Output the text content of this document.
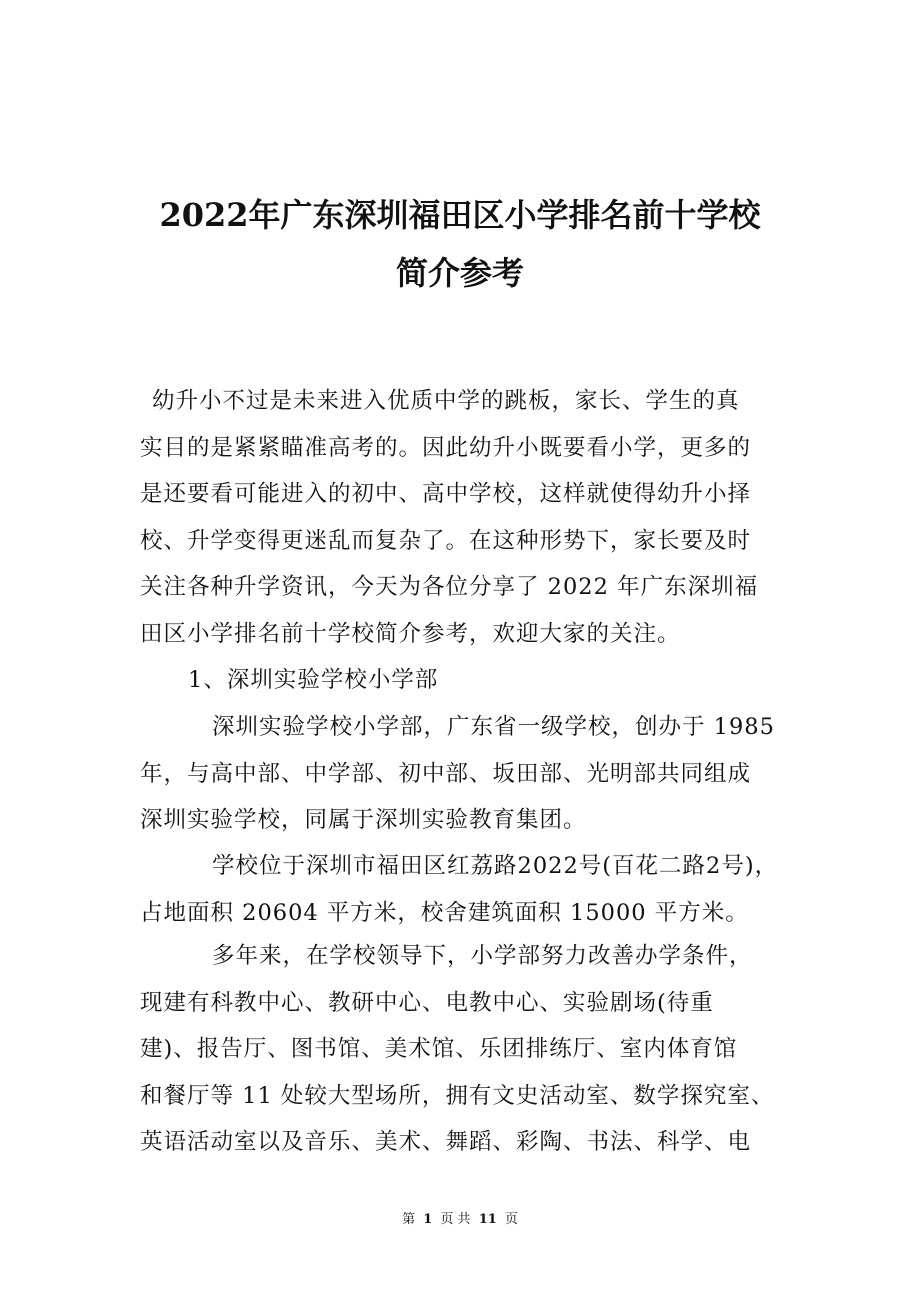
2022年广东深圳福田区小学排名前十学校
简介参考
幼升小不过是未来进入优质中学的跳板，家长、学生的真
实目的是紧紧瞄准高考的。因此幼升小既要看小学，更多的
是还要看可能进入的初中、高中学校，这样就使得幼升小择
校、升学变得更迷乱而复杂了。在这种形势下，家长要及时
关注各种升学资讯，今天为各位分享了 2022 年广东深圳福
田区小学排名前十学校简介参考，欢迎大家的关注。
1、深圳实验学校小学部
深圳实验学校小学部，广东省一级学校，创办于 1985
年，与高中部、中学部、初中部、坂田部、光明部共同组成
深圳实验学校，同属于深圳实验教育集团。
学校位于深圳市福田区红荔路2022号(百花二路2号)，
占地面积 20604 平方米，校舍建筑面积 15000 平方米。
多年来，在学校领导下，小学部努力改善办学条件，
现建有科教中心、教研中心、电教中心、实验剧场(待重
建)、报告厅、图书馆、美术馆、乐团排练厅、室内体育馆
和餐厅等 11 处较大型场所，拥有文史活动室、数学探究室、
英语活动室以及音乐、美术、舞蹈、彩陶、书法、科学、电
第 1 页 共 11 页
